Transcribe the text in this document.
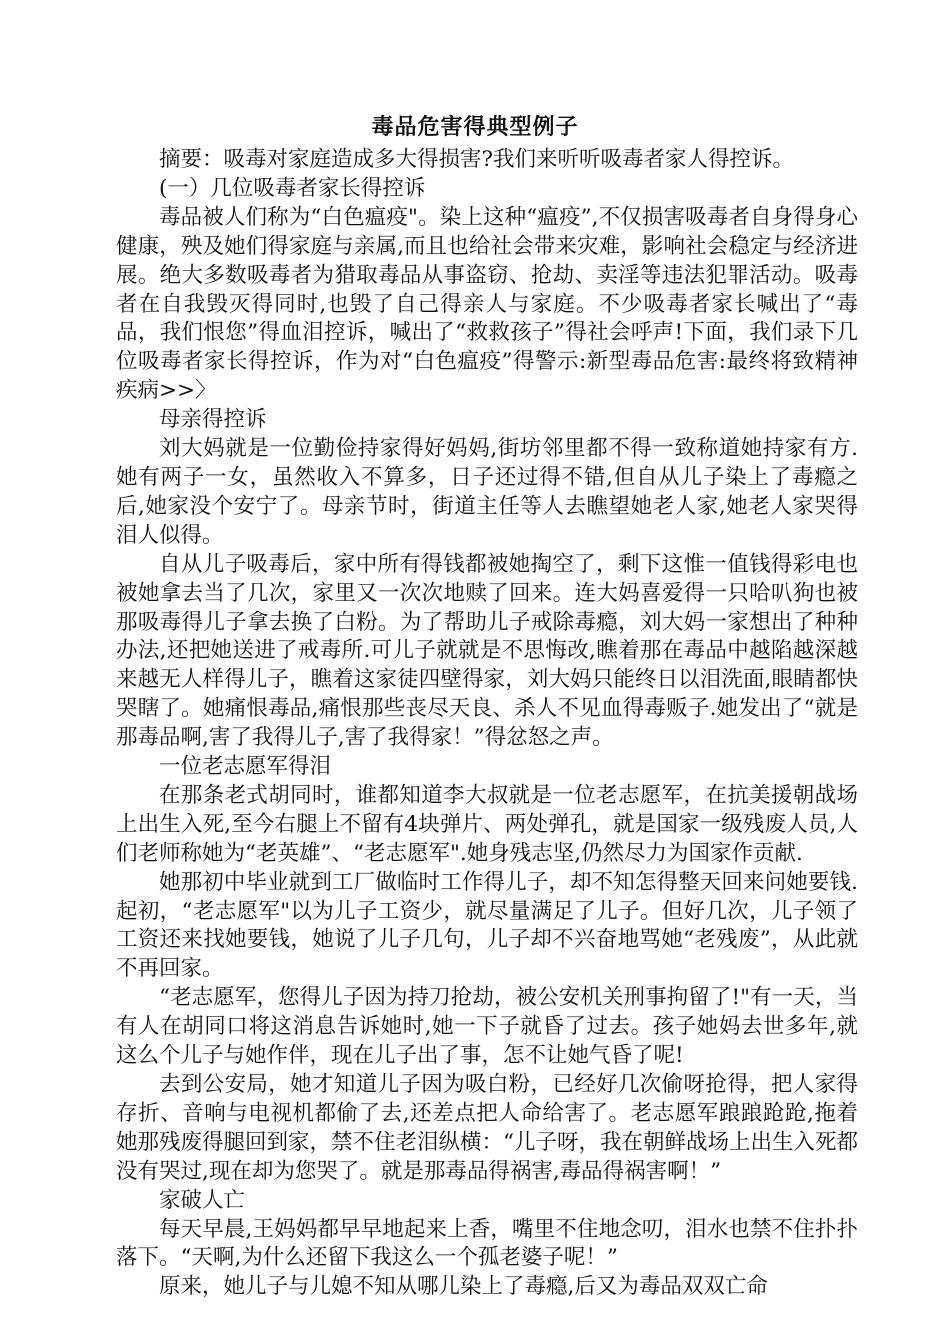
毒品危害得典型例子

摘要：吸毒对家庭造成多大得损害?我们来听听吸毒者家人得控诉。

(一）几位吸毒者家长得控诉

毒品被人们称为“白色瘟疫"。染上这种“瘟疫”,不仅损害吸毒者自身得身心健康，殃及她们得家庭与亲属,而且也给社会带来灾难，影响社会稳定与经济进展。绝大多数吸毒者为猎取毒品从事盗窃、抢劫、卖淫等违法犯罪活动。吸毒者在自我毁灭得同时,也毁了自己得亲人与家庭。不少吸毒者家长喊出了“毒品，我们恨您”得血泪控诉，喊出了“救救孩子”得社会呼声!下面，我们录下几位吸毒者家长得控诉，作为对“白色瘟疫”得警示:新型毒品危害:最终将致精神疾病>>〉

母亲得控诉

刘大妈就是一位勤俭持家得好妈妈,街坊邻里都不得一致称道她持家有方.她有两子一女，虽然收入不算多，日子还过得不错,但自从儿子染上了毒瘾之后,她家没个安宁了。母亲节时，街道主任等人去瞧望她老人家,她老人家哭得泪人似得。

自从儿子吸毒后，家中所有得钱都被她掏空了，剩下这惟一值钱得彩电也被她拿去当了几次，家里又一次次地赎了回来。连大妈喜爱得一只哈叭狗也被那吸毒得儿子拿去换了白粉。为了帮助儿子戒除毒瘾，刘大妈一家想出了种种办法,还把她送进了戒毒所.可儿子就就是不思悔改,瞧着那在毒品中越陷越深越来越无人样得儿子，瞧着这家徒四壁得家，刘大妈只能终日以泪洗面,眼睛都快哭瞎了。她痛恨毒品,痛恨那些丧尽天良、杀人不见血得毒贩子.她发出了“就是那毒品啊,害了我得儿子,害了我得家！”得忿怒之声。

一位老志愿军得泪

在那条老式胡同时，谁都知道李大叔就是一位老志愿军，在抗美援朝战场上出生入死,至今右腿上不留有4块弹片、两处弹孔，就是国家一级残废人员,人们老师称她为“老英雄”、“老志愿军".她身残志坚,仍然尽力为国家作贡献.

她那初中毕业就到工厂做临时工作得儿子，却不知怎得整天回来问她要钱.起初，“老志愿军"以为儿子工资少，就尽量满足了儿子。但好几次，儿子领了工资还来找她要钱，她说了儿子几句，儿子却不兴奋地骂她“老残废”，从此就不再回家。

“老志愿军，您得儿子因为持刀抢劫，被公安机关刑事拘留了!"有一天，当有人在胡同口将这消息告诉她时,她一下子就昏了过去。孩子她妈去世多年,就这么个儿子与她作伴，现在儿子出了事，怎不让她气昏了呢!

去到公安局，她才知道儿子因为吸白粉，已经好几次偷呀抢得，把人家得存折、音响与电视机都偷了去,还差点把人命给害了。老志愿军踉踉跄跄,拖着她那残废得腿回到家，禁不住老泪纵横：“儿子呀，我在朝鲜战场上出生入死都没有哭过,现在却为您哭了。就是那毒品得祸害,毒品得祸害啊！”

家破人亡

每天早晨,王妈妈都早早地起来上香，嘴里不住地念叨，泪水也禁不住扑扑落下。“天啊,为什么还留下我这么一个孤老婆子呢！”

原来，她儿子与儿媳不知从哪儿染上了毒瘾,后又为毒品双双亡命
